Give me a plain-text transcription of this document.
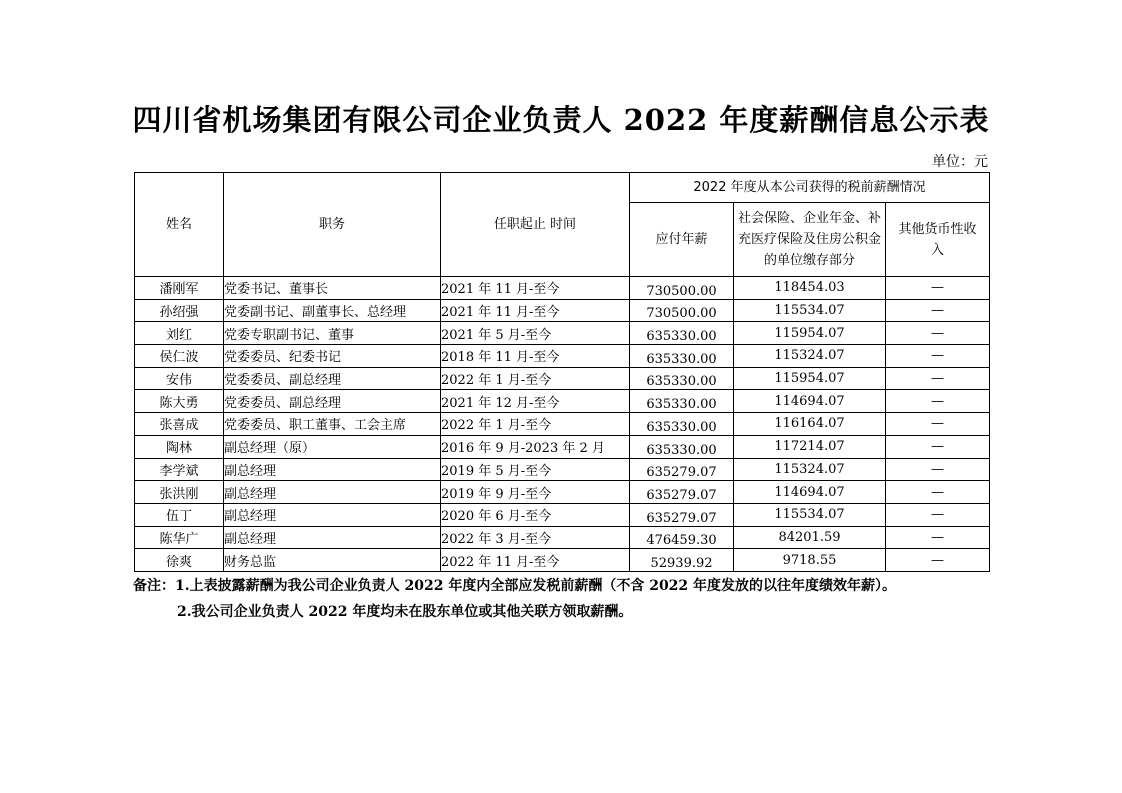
四川省机场集团有限公司企业负责人 2022 年度薪酬信息公示表
单位：元
姓名	职务	任职起止 时间	2022 年度从本公司获得的税前薪酬情况		
			应付年薪	社会保险、企业年金、补充医疗保险及住房公积金的单位缴存部分	其他货币性收入
潘刚军	党委书记、董事长	2021 年 11 月-至今	730500.00	118454.03	—
孙绍强	党委副书记、副董事长、总经理	2021 年 11 月-至今	730500.00	115534.07	—
刘红	党委专职副书记、董事	2021 年 5 月-至今	635330.00	115954.07	—
侯仁波	党委委员、纪委书记	2018 年 11 月-至今	635330.00	115324.07	—
安伟	党委委员、副总经理	2022 年 1 月-至今	635330.00	115954.07	—
陈大勇	党委委员、副总经理	2021 年 12 月-至今	635330.00	114694.07	—
张喜成	党委委员、职工董事、工会主席	2022 年 1 月-至今	635330.00	116164.07	—
陶林	副总经理（原）	2016 年 9 月-2023 年 2 月	635330.00	117214.07	—
李学斌	副总经理	2019 年 5 月-至今	635279.07	115324.07	—
张洪刚	副总经理	2019 年 9 月-至今	635279.07	114694.07	—
伍丁	副总经理	2020 年 6 月-至今	635279.07	115534.07	—
陈华广	副总经理	2022 年 3 月-至今	476459.30	84201.59	—
徐爽	财务总监	2022 年 11 月-至今	52939.92	9718.55	—
备注：1.上表披露薪酬为我公司企业负责人 2022 年度内全部应发税前薪酬（不含 2022 年度发放的以往年度绩效年薪）。
2.我公司企业负责人 2022 年度均未在股东单位或其他关联方领取薪酬。
